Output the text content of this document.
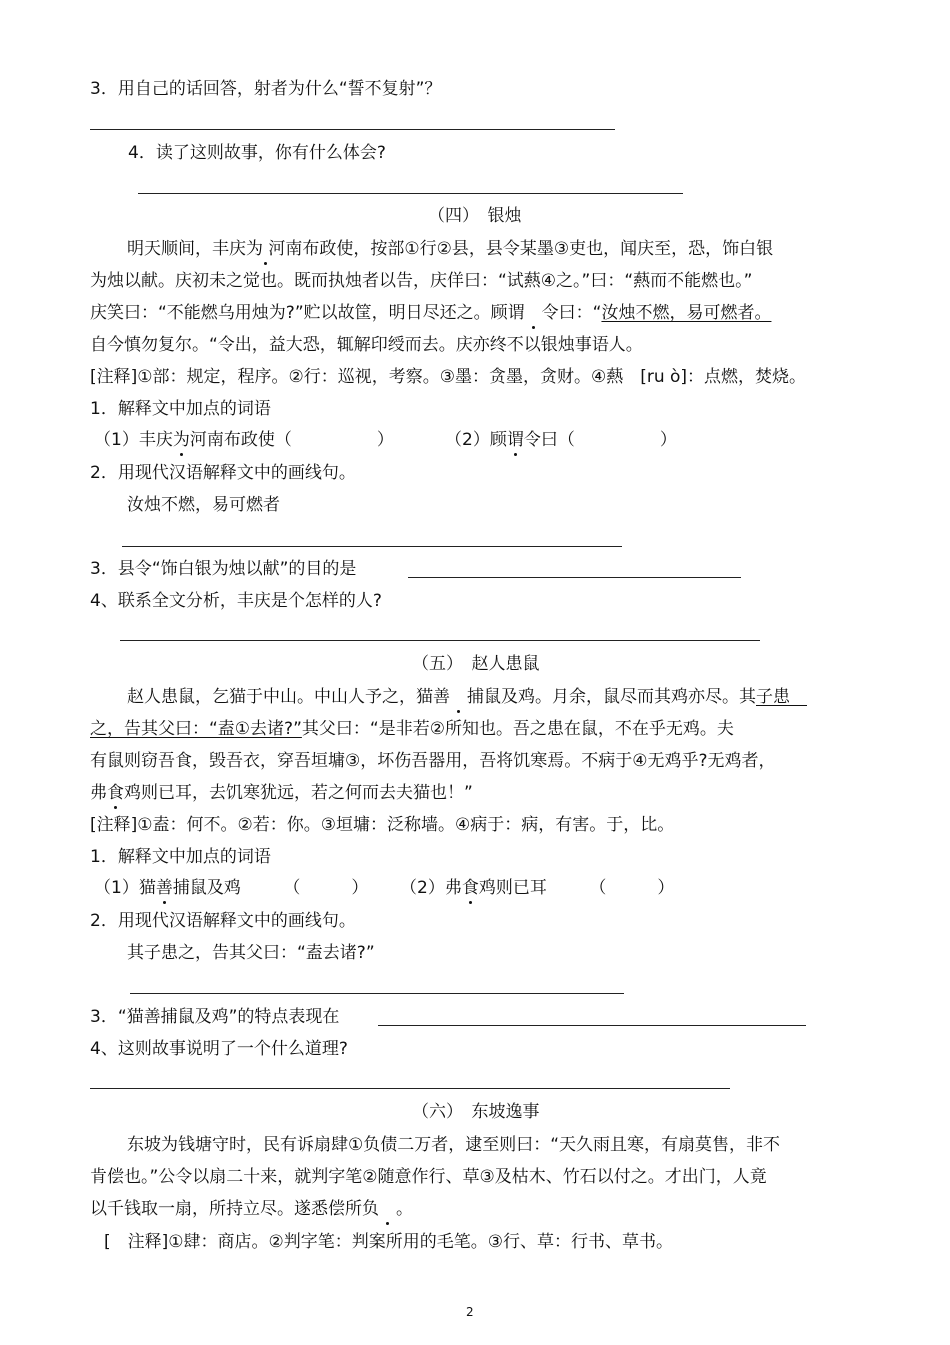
3．用自己的话回答，射者为什么“誓不复射”？
4．读了这则故事，你有什么体会?
（四）　银烛
明天顺间，丰庆为 河南布政使，按部①行②县，县令某墨③吏也，闻庆至，恐，饰白银
为烛以献。庆初未之觉也。既而执烛者以告，庆佯曰：“试爇④之。”曰：“爇而不能燃也。”
庆笑曰：“不能燃乌用烛为?”贮以故筐，明日尽还之。顾谓　 令曰：“汝烛不燃，易可燃者。
自今慎勿复尔。“令出，益大恐，辄解印绶而去。庆亦终不以银烛事语人。
[注释]①部：规定，程序。②行：巡视，考察。③墨：贪墨，贪财。④爇　[ru ò]：点燃，焚烧。
1．解释文中加点的词语
（1）丰庆为河南布政使（　　　　　）	（2）顾谓令曰（　　　　　）
2．用现代汉语解释文中的画线句。
汝烛不燃，易可燃者
3．县令“饰白银为烛以献”的目的是
4、联系全文分析，丰庆是个怎样的人?
（五）　赵人患鼠
赵人患鼠，乞猫于中山。中山人予之，猫善　 捕鼠及鸡。月余，鼠尽而其鸡亦尽。其子患　
之，告其父曰：“盍①去诸?”其父曰：“是非若②所知也。吾之患在鼠，不在乎无鸡。夫
有鼠则窃吾食，毁吾衣，穿吾垣墉③，坏伤吾器用，吾将饥寒焉。不病于④无鸡乎?无鸡者，
弗食鸡则已耳，去饥寒犹远，若之何而去夫猫也！”
[注释]①盍：何不。②若：你。③垣墉：泛称墙。④病于：病，有害。于，比。
1．解释文中加点的词语
（1）猫善捕鼠及鸡　　　（　　　） （2）弗食鸡则已耳　　　（　　　）
2．用现代汉语解释文中的画线句。
其子患之，告其父曰：“盍去诸?”
3．“猫善捕鼠及鸡”的特点表现在
4、这则故事说明了一个什么道理?
（六）　东坡逸事
东坡为钱塘守时，民有诉扇肆①负债二万者，逮至则曰：“天久雨且寒，有扇莫售，非不
肯偿也。”公令以扇二十来，就判字笔②随意作行、草③及枯木、竹石以付之。才出门，人竟
以千钱取一扇，所持立尽。遂悉偿所负　 。
[　 注释]①肆：商店。②判字笔：判案所用的毛笔。③行、草：行书、草书。
2
